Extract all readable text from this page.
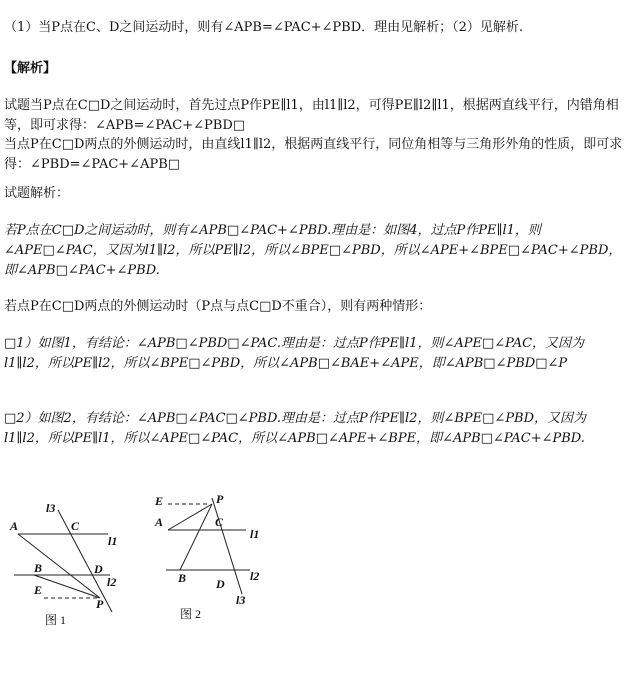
（1）当P点在C、D之间运动时，则有∠APB=∠PAC+∠PBD．理由见解析；（2）见解析.

【解析】

试题当P点在C□D之间运动时，首先过点P作PE∥l1，由l1∥l2，可得PE∥l2∥l1，根据两直线平行，内错角相等，即可求得：∠APB=∠PAC+∠PBD□

当点P在C□D两点的外侧运动时，由直线l1∥l2，根据两直线平行，同位角相等与三角形外角的性质，即可求得：∠PBD=∠PAC+∠APB□

试题解析：

若P点在C□D之间运动时，则有∠APB□∠PAC+∠PBD.理由是：如图4，过点P作PE∥l1，则∠APE□∠PAC，又因为l1∥l2，所以PE∥l2，所以∠BPE□∠PBD，所以∠APE+∠BPE□∠PAC+∠PBD，即∠APB□∠PAC+∠PBD.

若点P在C□D两点的外侧运动时（P点与点C□D不重合），则有两种情形：

□1）如图1，有结论：∠APB□∠PBD□∠PAC.理由是：过点P作PE∥l1，则∠APE□∠PAC，又因为l1∥l2，所以PE∥l2，所以∠BPE□∠PBD，所以∠APB□∠BAE+∠APE，即∠APB□∠PBD□∠P

□2）如图2，有结论：∠APB□∠PAC□∠PBD.理由是：过点P作PE∥l2，则∠BPE□∠PBD，又因为l1∥l2，所以PE∥l1，所以∠APE□∠PAC，所以∠APB□∠APE+∠BPE，即∠APB□∠PAC+∠PBD.

l3
A	C
l1
B	D
l2
E
P
图 1
E	P
A	C
l1
B D
l2
l3
图 2
